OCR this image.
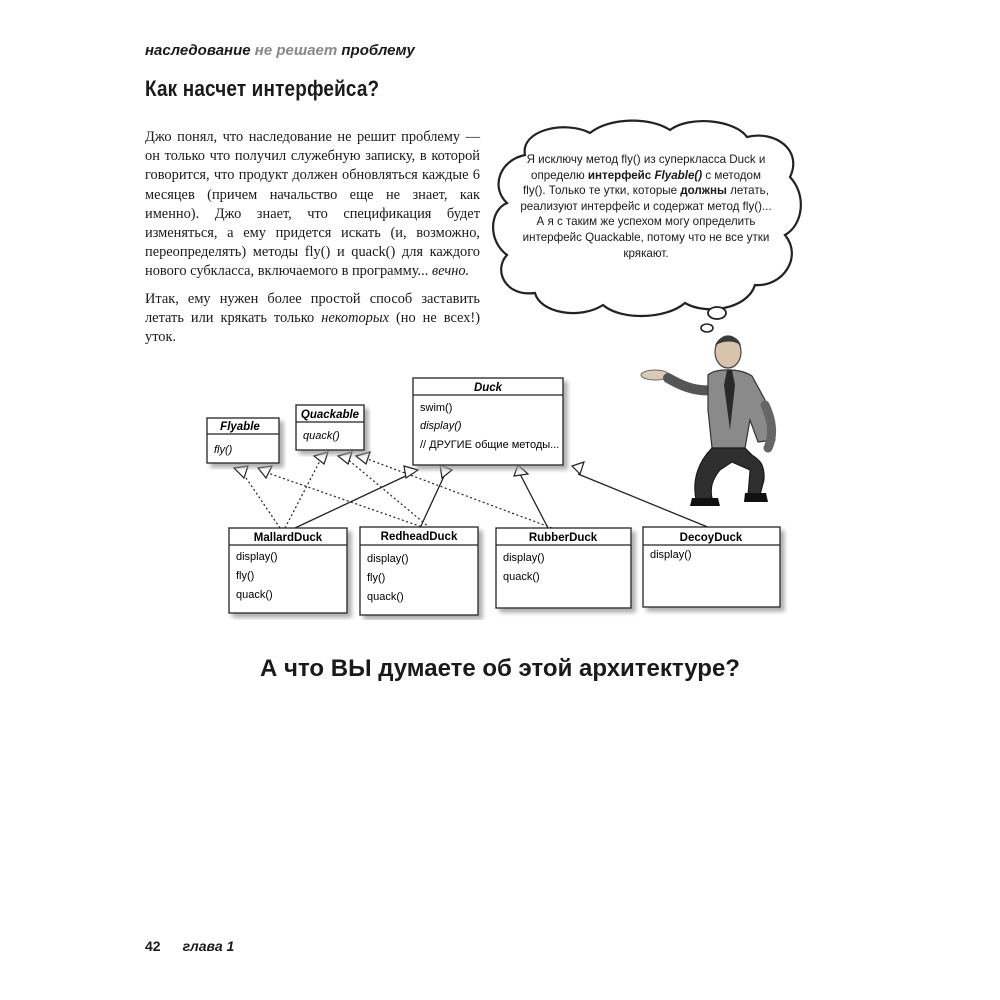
наследование не решает проблему
Как насчет интерфейса?

Джо понял, что наследование не решит проблему — он только что получил служебную записку, в которой говорится, что продукт должен обновляться каждые 6 месяцев (причем начальство еще не знает, как именно). Джо знает, что спецификация будет изменяться, а ему придется искать (и, возможно, переопределять) методы fly() и quack() для каждого нового субкласса, включаемого в программу... вечно.

Итак, ему нужен более простой способ заставить летать или крякать только некоторых (но не всех!) уток.

Я исключу метод fly() из суперкласса Duck и определю интерфейс Flyable() с методом fly(). Только те утки, которые должны летать, реализуют интерфейс и содержат метод fly()... А я с таким же успехом могу определить интерфейс Quackable, потому что не все утки крякают.
Duck
Flyable
Quackable
MallardDuck	RedheadDuck	RubberDuck	DecoyDuck
swim()
display()
// ДРУГИЕ общие методы...
fly()
quack()
display()
fly()
quack()
display()
fly()
quack()
display()
quack()
display()
А что ВЫ думаете об этой архитектуре?
42 глава 1
